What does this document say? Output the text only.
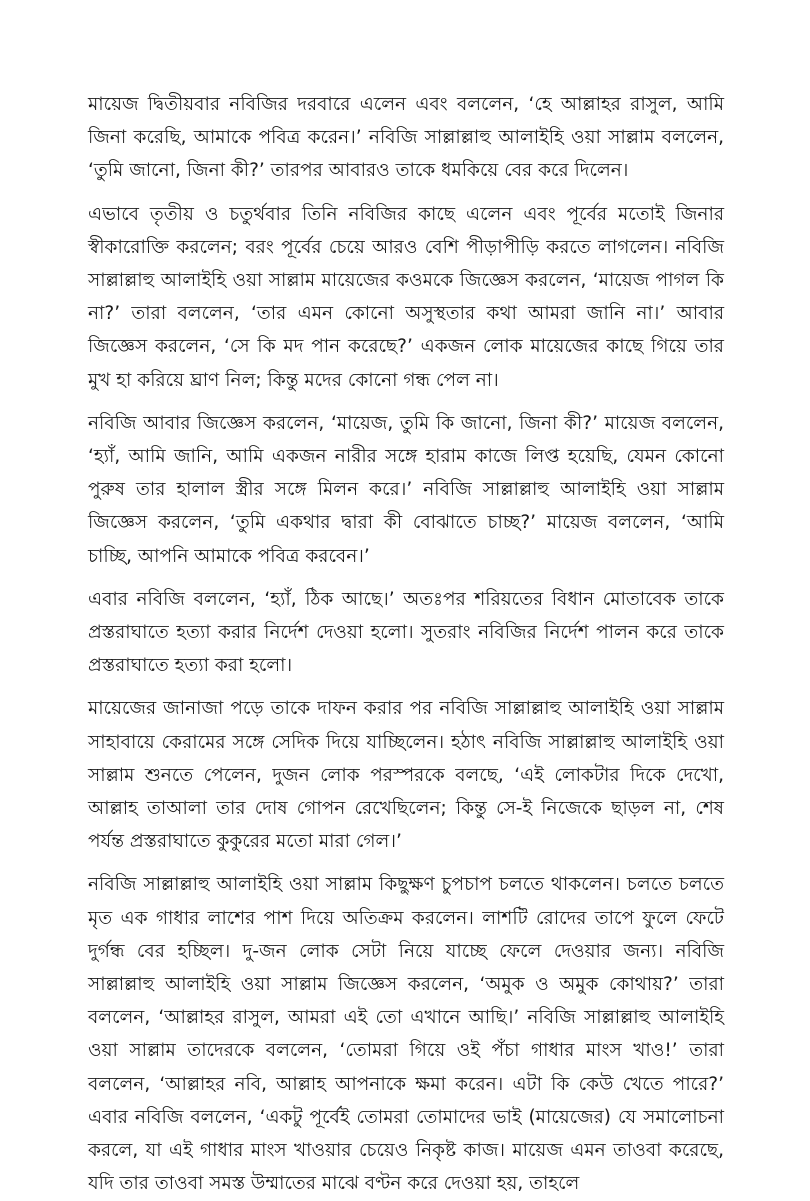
মায়েজ দ্বিতীয়বার নবিজির দরবারে এলেন এবং বললেন, ‘হে আল্লাহর রাসুল, আমি জিনা করেছি, আমাকে পবিত্র করেন।’ নবিজি সাল্লাল্লাহু আলাইহি ওয়া সাল্লাম বললেন, ‘তুমি জানো, জিনা কী?’ তারপর আবারও তাকে ধমকিয়ে বের করে দিলেন।

এভাবে তৃতীয় ও চতুর্থবার তিনি নবিজির কাছে এলেন এবং পূর্বের মতোই জিনার স্বীকারোক্তি করলেন; বরং পূর্বের চেয়ে আরও বেশি পীড়াপীড়ি করতে লাগলেন। নবিজি সাল্লাল্লাহু আলাইহি ওয়া সাল্লাম মায়েজের কওমকে জিজ্ঞেস করলেন, ‘মায়েজ পাগল কি না?’ তারা বললেন, ‘তার এমন কোনো অসুস্থতার কথা আমরা জানি না।’ আবার জিজ্ঞেস করলেন, ‘সে কি মদ পান করেছে?’ একজন লোক মায়েজের কাছে গিয়ে তার মুখ হা করিয়ে ঘ্রাণ নিল; কিন্তু মদের কোনো গন্ধ পেল না।

নবিজি আবার জিজ্ঞেস করলেন, ‘মায়েজ, তুমি কি জানো, জিনা কী?’ মায়েজ বললেন, ‘হ্যাঁ, আমি জানি, আমি একজন নারীর সঙ্গে হারাম কাজে লিপ্ত হয়েছি, যেমন কোনো পুরুষ তার হালাল স্ত্রীর সঙ্গে মিলন করে।’ নবিজি সাল্লাল্লাহু আলাইহি ওয়া সাল্লাম জিজ্ঞেস করলেন, ‘তুমি একথার দ্বারা কী বোঝাতে চাচ্ছ?’ মায়েজ বললেন, ‘আমি চাচ্ছি, আপনি আমাকে পবিত্র করবেন।’

এবার নবিজি বললেন, ‘হ্যাঁ, ঠিক আছে।’ অতঃপর শরিয়তের বিধান মোতাবেক তাকে প্রস্তরাঘাতে হত্যা করার নির্দেশ দেওয়া হলো। সুতরাং নবিজির নির্দেশ পালন করে তাকে প্রস্তরাঘাতে হত্যা করা হলো।

মায়েজের জানাজা পড়ে তাকে দাফন করার পর নবিজি সাল্লাল্লাহু আলাইহি ওয়া সাল্লাম সাহাবায়ে কেরামের সঙ্গে সেদিক দিয়ে যাচ্ছিলেন। হঠাৎ নবিজি সাল্লাল্লাহু আলাইহি ওয়া সাল্লাম শুনতে পেলেন, দুজন লোক পরস্পরকে বলছে, ‘এই লোকটার দিকে দেখো, আল্লাহ তাআলা তার দোষ গোপন রেখেছিলেন; কিন্তু সে-ই নিজেকে ছাড়ল না, শেষ পর্যন্ত প্রস্তরাঘাতে কুকুরের মতো মারা গেল।’

নবিজি সাল্লাল্লাহু আলাইহি ওয়া সাল্লাম কিছুক্ষণ চুপচাপ চলতে থাকলেন। চলতে চলতে মৃত এক গাধার লাশের পাশ দিয়ে অতিক্রম করলেন। লাশটি রোদের তাপে ফুলে ফেটে দুর্গন্ধ বের হচ্ছিল। দু-জন লোক সেটা নিয়ে যাচ্ছে ফেলে দেওয়ার জন্য। নবিজি সাল্লাল্লাহু আলাইহি ওয়া সাল্লাম জিজ্ঞেস করলেন, ‘অমুক ও অমুক কোথায়?’ তারা বললেন, ‘আল্লাহর রাসুল, আমরা এই তো এখানে আছি।’ নবিজি সাল্লাল্লাহু আলাইহি ওয়া সাল্লাম তাদেরকে বললেন, ‘তোমরা গিয়ে ওই পঁচা গাধার মাংস খাও!’ তারা বললেন, ‘আল্লাহর নবি, আল্লাহ আপনাকে ক্ষমা করেন। এটা কি কেউ খেতে পারে?’ এবার নবিজি বললেন, ‘একটু পূর্বেই তোমরা তোমাদের ভাই (মায়েজের) যে সমালোচনা করলে, যা এই গাধার মাংস খাওয়ার চেয়েও নিকৃষ্ট কাজ। মায়েজ এমন তাওবা করেছে, যদি তার তাওবা সমস্ত উম্মাতের মাঝে বণ্টন করে দেওয়া হয়, তাহলে
